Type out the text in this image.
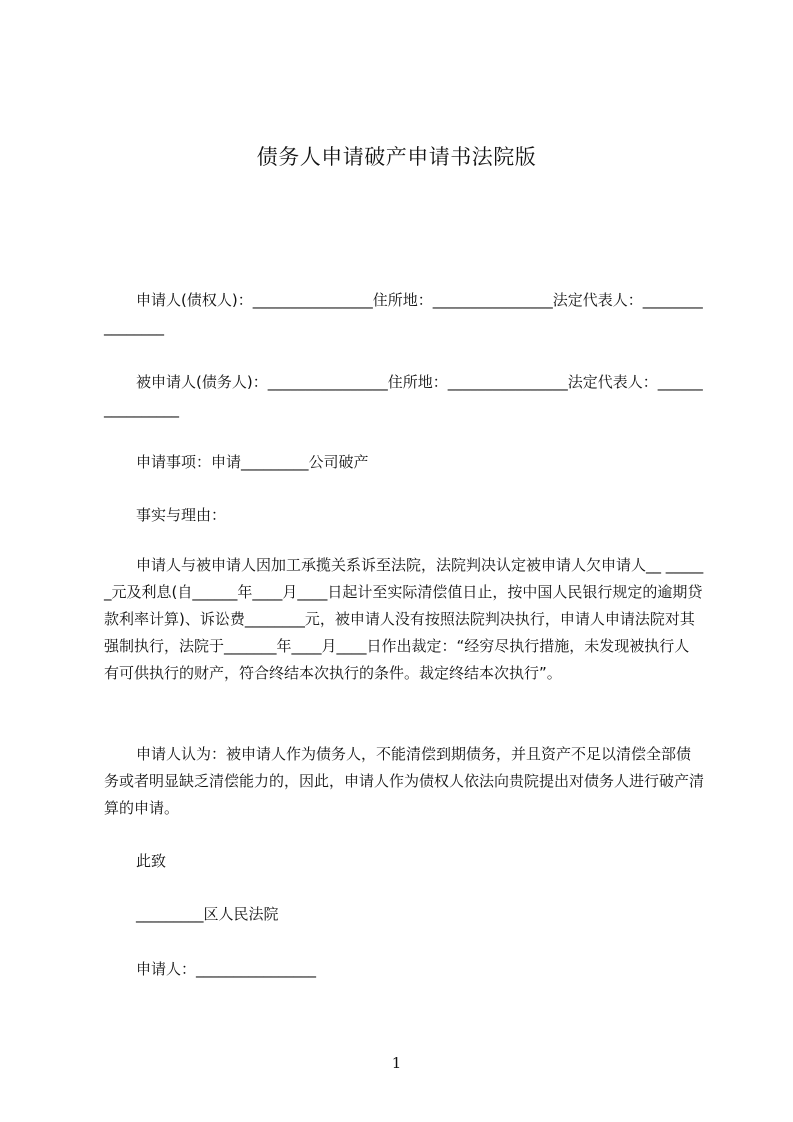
债务人申请破产申请书法院版

申请人(债权人)：________________住所地：________________法定代表人：________________

被申请人(债务人)：________________住所地：________________法定代表人：________________

申请事项：申请_________公司破产

事实与理由：

申请人与被申请人因加工承揽关系诉至法院，法院判决认定被申请人欠申请人__ ______元及利息(自______年____月____日起计至实际清偿值日止，按中国人民银行规定的逾期贷款利率计算)、诉讼费________元，被申请人没有按照法院判决执行，申请人申请法院对其强制执行，法院于_______年____月____日作出裁定：“经穷尽执行措施，未发现被执行人有可供执行的财产，符合终结本次执行的条件。裁定终结本次执行”。

申请人认为：被申请人作为债务人，不能清偿到期债务，并且资产不足以清偿全部债务或者明显缺乏清偿能力的，因此，申请人作为债权人依法向贵院提出对债务人进行破产清算的申请。

此致

_________区人民法院

申请人：________________

1
